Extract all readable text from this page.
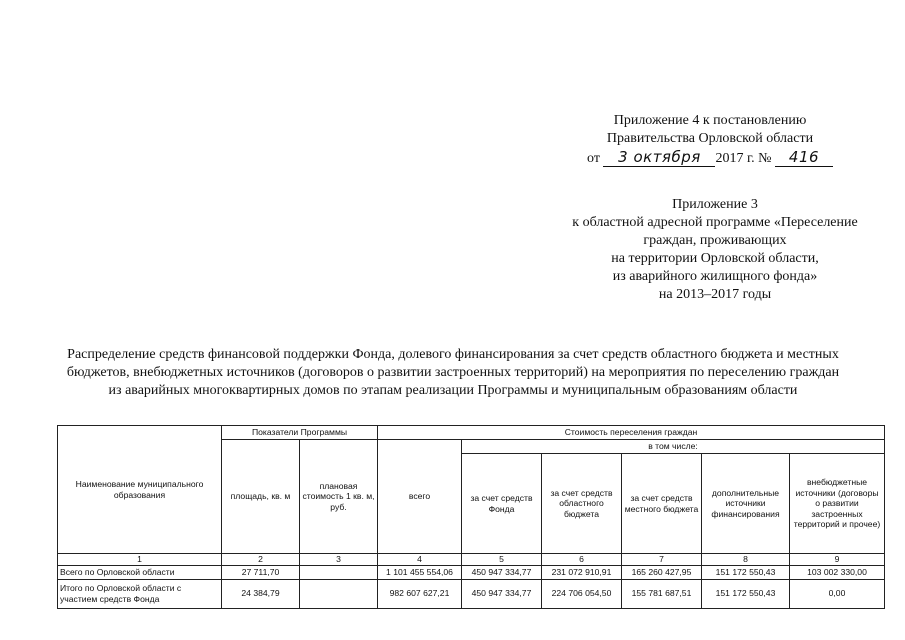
Приложение 4 к постановлению
Правительства Орловской области
от 3 октября 2017 г. № 416
Приложение 3
к областной адресной программе «Переселение
граждан, проживающих
на территории Орловской области,
из аварийного жилищного фонда»
на 2013–2017 годы
Распределение средств финансовой поддержки Фонда, долевого финансирования за счет средств областного бюджета и местных
бюджетов, внебюджетных источников (договоров о развитии застроенных территорий) на мероприятия по переселению граждан
из аварийных многоквартирных домов по этапам реализации Программы и муниципальным образованиям области
Наименование муниципального образования	Показатели Программы		Стоимость переселения граждан					
	площадь, кв. м	плановая стоимость 1 кв. м, руб.	всего	в том числе:				
				за счет средств Фонда	за счет средств областного бюджета	за счет средств местного бюджета	дополнительные источники финансирования	внебюджетные источники (договоры о развитии застроенных территорий и прочее)
1	2	3	4	5	6	7	8	9
Всего по Орловской области	27 711,70		1 101 455 554,06	450 947 334,77	231 072 910,91	165 260 427,95	151 172 550,43	103 002 330,00
Итого по Орловской области с участием средств Фонда	24 384,79		982 607 627,21	450 947 334,77	224 706 054,50	155 781 687,51	151 172 550,43	0,00
